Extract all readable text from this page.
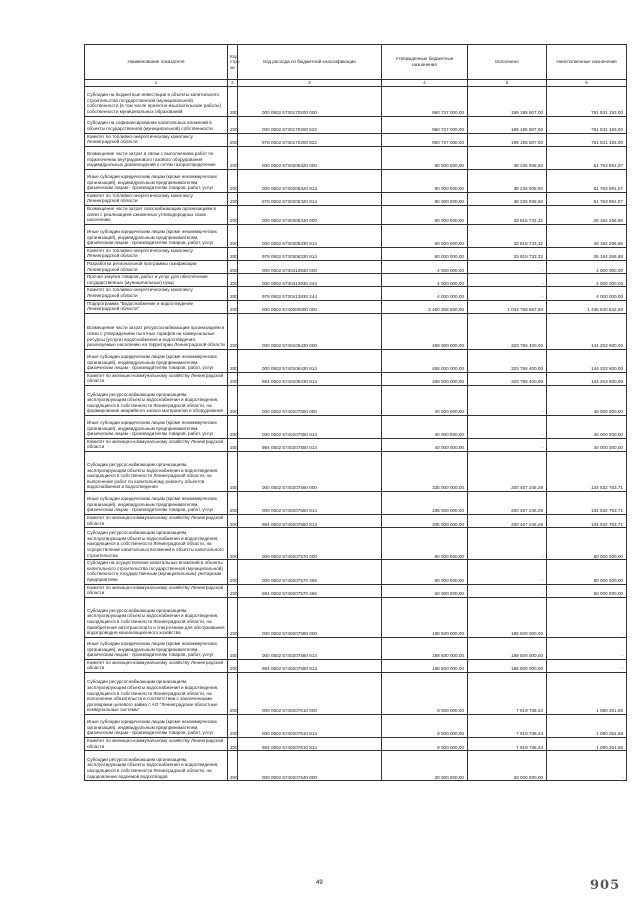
Наименование показателя	Код стро ки	Код расхода по бюджетной классификации	Утвержденные бюджетные назначения	Исполнено	Неисполненные назначения
1	2	3	4	5	6
Субсидии на бюджетные инвестиции в объекты капитального строительства государственной (муниципальной) собственности (в том числе проектно-изыскательские работы) собственности муниципальных образований	200	000 0502 5730170200 000	960 727 000,00	199 195 807,00	761 531 193,00
Субсидии на софинансирование капитальных вложений в объекты государственной (муниципальной) собственности	200	000 0502 5730170200 522	960 727 000,00	199 195 807,00	761 531 193,00
Комитет по топливно-энергетическому комплексу Ленинградской области	200	978 0502 5730170200 522	960 727 000,00	199 195 807,00	761 531 193,00
Возмещение части затрат в связи с выполнением работ по подключению внутридомового газового оборудования индивидуальных домовладений к сетям газораспределения	200	000 0502 5730206320 000	90 000 000,00	38 236 008,93	51 763 991,07
Иные субсидии юридическим лицам (кроме некоммерческих организаций), индивидуальным предпринимателям, физическим лицам - производителям товаров, работ, услуг	200	000 0502 5730206320 814	90 000 000,00	38 236 008,93	51 763 991,07
Комитет по топливно-энергетическому комплексу Ленинградской области	200	978 0502 5730206320 814	90 000 000,00	38 236 008,93	51 763 991,07
Возмещение части затрат газоснабжающим организациям в связи с реализацией сжиженных углеводородных газов населению	200	000 0502 5730306330 000	60 000 000,00	33 815 733,32	26 184 266,68
Иные субсидии юридическим лицам (кроме некоммерческих организаций), индивидуальным предпринимателям, физическим лицам - производителям товаров, работ, услуг	200	000 0502 5730306330 814	60 000 000,00	33 815 733,32	26 184 266,68
Комитет по топливно-энергетическому комплексу Ленинградской области	200	978 0502 5730306330 814	60 000 000,00	33 815 733,32	26 184 266,68
Разработка региональной программы газификации Ленинградской области	200	000 0502 5730413930 000	4 000 000,00	-	4 000 000,00
Прочая закупка товаров, работ и услуг для обеспечения государственных (муниципальных) нужд	200	000 0502 5730413930 244	4 000 000,00	-	4 000 000,00
Комитет по топливно-энергетическому комплексу Ленинградской области	200	978 0502 5730413930 244	4 000 000,00	-	4 000 000,00
Подпрограмма "Водоснабжение и водоотведение Ленинградской области"	200	000 0502 5740000000 000	2 480 308 500,00	1 043 768 657,50	1 436 540 842,50
Возмещение части затрат ресурсоснабжающим организациям в связи с утверждением льготных тарифов на коммунальные ресурсы (услуги) водоснабжения и водоотведения, реализуемые населению на территории Ленинградской области	200	000 0502 5740106430 000	468 000 000,00	323 796 400,00	144 203 600,00
Иные субсидии юридическим лицам (кроме некоммерческих организаций), индивидуальным предпринимателям, физическим лицам - производителям товаров, работ, услуг	200	000 0502 5740106430 814	468 000 000,00	323 796 400,00	144 203 600,00
Комитет по жилищно-коммунальному хозяйству Ленинградской области	200	984 0502 5740106430 814	468 000 000,00	323 796 400,00	144 203 600,00
Субсидии ресурсоснабжающим организациям, эксплуатирующим объекты водоснабжения и водоотведения, находящиеся в собственности Ленинградской области, на формирование аварийного запаса материалов и оборудования	200	000 0502 5740207550 000	40 000 000,00	-	40 000 000,00
Иные субсидии юридическим лицам (кроме некоммерческих организаций), индивидуальным предпринимателям, физическим лицам - производителям товаров, работ, услуг	200	000 0502 5740207550 814	40 000 000,00	-	40 000 000,00
Комитет по жилищно-коммунальному хозяйству Ленинградской области	200	984 0502 5740207550 814	40 000 000,00	-	40 000 000,00
Субсидии ресурсоснабжающим организациям, эксплуатирующим объекты водоснабжения и водоотведения, находящиеся в собственности Ленинградской области, на выполнение работ по капитальному ремонту объектов водоснабжения и водоотведения	200	000 0502 5740207560 000	335 000 000,00	200 467 246,29	134 532 753,71
Иные субсидии юридическим лицам (кроме некоммерческих организаций), индивидуальным предпринимателям, физическим лицам - производителям товаров, работ, услуг	200	000 0502 5740207560 814	335 000 000,00	200 467 246,29	134 532 753,71
Комитет по жилищно-коммунальному хозяйству Ленинградской области	200	984 0502 5740207560 814	335 000 000,00	200 467 246,29	134 532 753,71
Субсидии ресурсоснабжающим организациям, эксплуатирующим объекты водоснабжения и водоотведения, находящиеся в собственности Ленинградской области, на осуществление капитальных вложений в объекты капитального строительства	200	000 0502 5740207570 000	60 000 000,00	-	60 000 000,00
Субсидии на осуществление капитальных вложений в объекты капитального строительства государственной (муниципальной) собственности государственным (муниципальным) унитарным предприятиям	200	000 0502 5740207570 466	60 000 000,00	-	60 000 000,00
Комитет по жилищно-коммунальному хозяйству Ленинградской области	200	984 0502 5740207570 466	60 000 000,00	-	60 000 000,00
Субсидии ресурсоснабжающим организациям, эксплуатирующим объекты водоснабжения и водоотведения, находящиеся в собственности Ленинградской области, на приобретение автотранспорта и спецтехники для обслуживания водопроводно-канализационного хозяйства	200	000 0502 5740207580 000	188 500 000,00	188 500 000,00	-
Иные субсидии юридическим лицам (кроме некоммерческих организаций), индивидуальным предпринимателям, физическим лицам - производителям товаров, работ, услуг	200	000 0502 5740207580 814	188 500 000,00	188 500 000,00	-
Комитет по жилищно-коммунальному хозяйству Ленинградской области	200	984 0502 5740207580 814	188 500 000,00	188 500 000,00	-
Субсидии ресурсоснабжающим организациям, эксплуатирующим объекты водоснабжения и водоотведения, находящиеся в собственности Ленинградской области, на исполнение обязательств в соответствии с заключенными договорами целевого займа с АО "Ленинградские областные коммунальные системы"	200	000 0502 5740207610 000	9 000 000,00	7 919 738,44	1 080 261,56
Иные субсидии юридическим лицам (кроме некоммерческих организаций), индивидуальным предпринимателям, физическим лицам - производителям товаров, работ, услуг	200	000 0502 5740207610 814	9 000 000,00	7 919 738,44	1 080 261,56
Комитет по жилищно-коммунальному хозяйству Ленинградской области	200	984 0502 5740207610 814	9 000 000,00	7 919 738,44	1 080 261,56
Субсидии ресурсоснабжающим организациям, эксплуатирующим объекты водоснабжения и водоотведения, находящиеся в собственности Ленинградской области, на оздоровление водоемов водоотводов	200	000 0502 5740207640 000	20 000 000,00	20 000 000,00	-
49	905
